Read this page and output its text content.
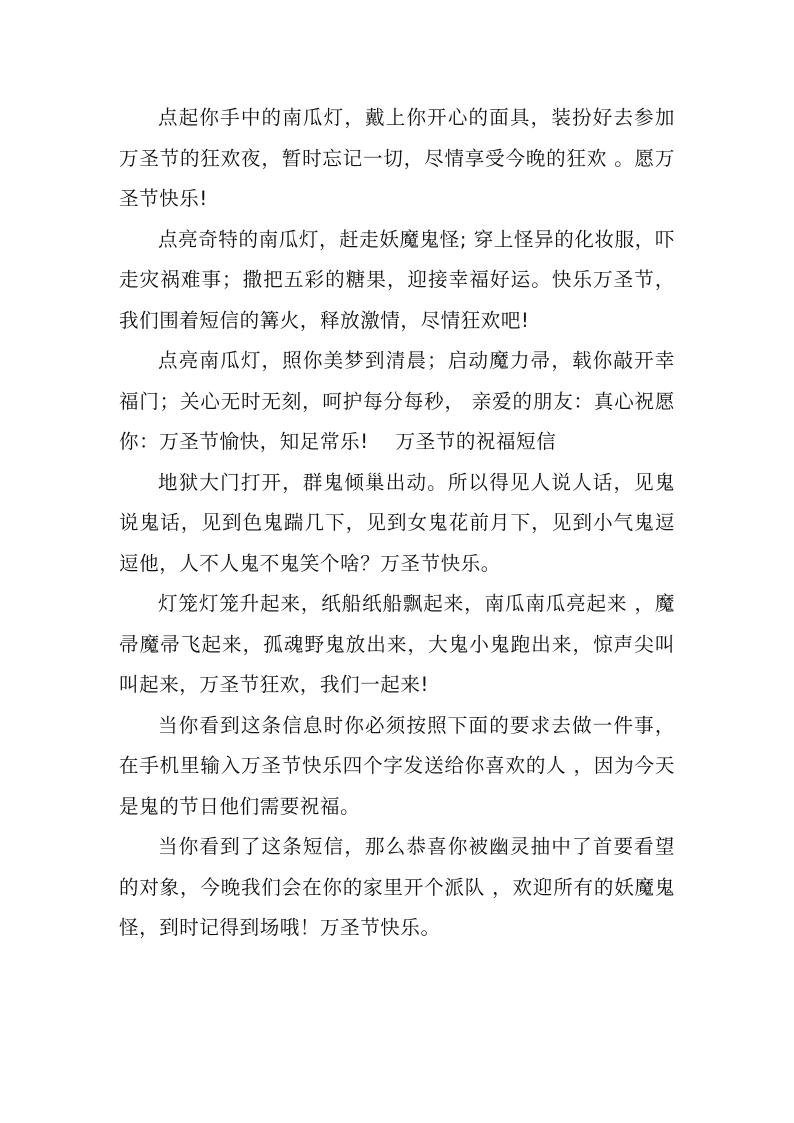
点起你手中的南瓜灯，戴上你开心的面具，装扮好去参加万圣节的狂欢夜，暂时忘记一切，尽情享受今晚的狂欢 。愿万圣节快乐!

点亮奇特的南瓜灯，赶走妖魔鬼怪; 穿上怪异的化妆服，吓走灾祸难事；撒把五彩的糖果，迎接幸福好运。快乐万圣节，我们围着短信的篝火，释放激情，尽情狂欢吧!

点亮南瓜灯，照你美梦到清晨；启动魔力帚，载你敲开幸福门；关心无时无刻，呵护每分每秒， 亲爱的朋友：真心祝愿你：万圣节愉快，知足常乐!　 万圣节的祝福短信

地狱大门打开，群鬼倾巢出动。所以得见人说人话，见鬼说鬼话，见到色鬼踹几下，见到女鬼花前月下，见到小气鬼逗逗他，人不人鬼不鬼笑个啥？万圣节快乐。

灯笼灯笼升起来，纸船纸船飘起来，南瓜南瓜亮起来 ，魔帚魔帚飞起来，孤魂野鬼放出来，大鬼小鬼跑出来，惊声尖叫叫起来，万圣节狂欢，我们一起来!

当你看到这条信息时你必须按照下面的要求去做一件事，在手机里输入万圣节快乐四个字发送给你喜欢的人 ，因为今天是鬼的节日他们需要祝福。

当你看到了这条短信，那么恭喜你被幽灵抽中了首要看望的对象，今晚我们会在你的家里开个派队 ，欢迎所有的妖魔鬼怪，到时记得到场哦！万圣节快乐。
